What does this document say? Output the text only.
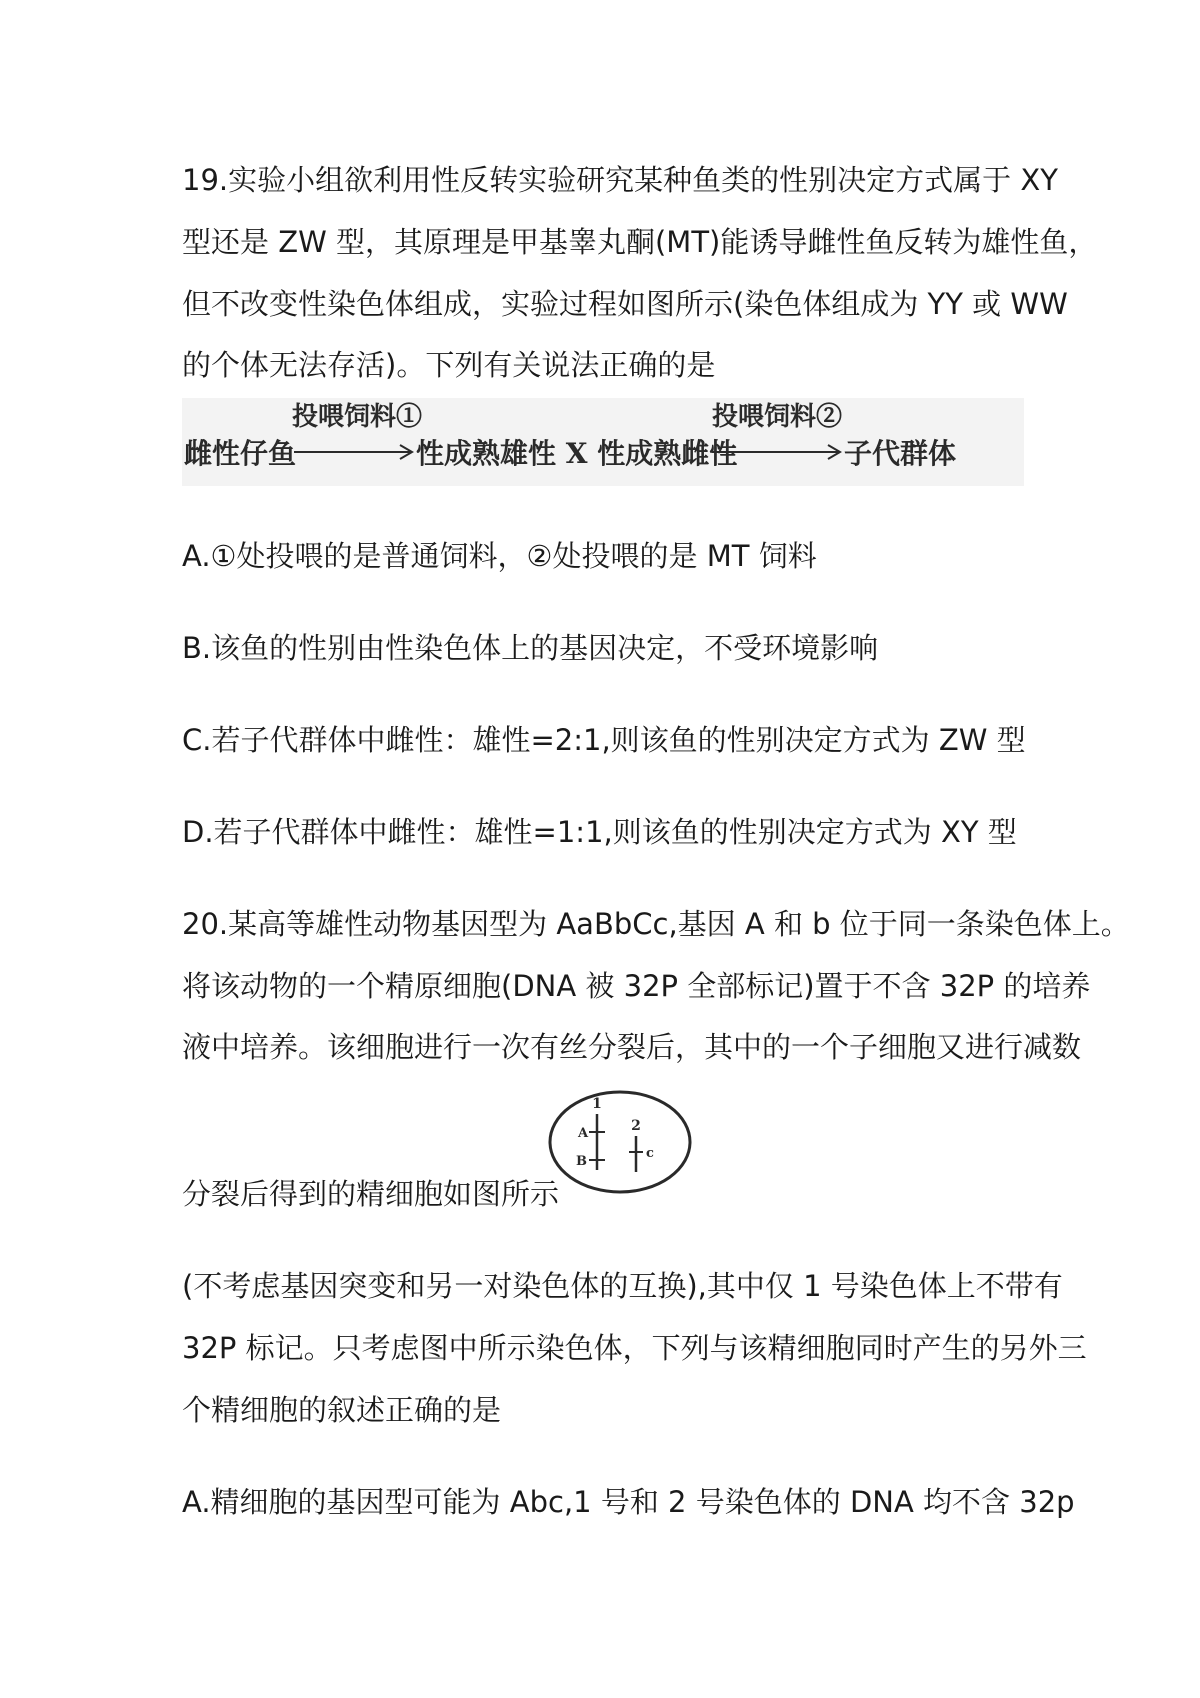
19.实验小组欲利用性反转实验研究某种鱼类的性别决定方式属于 XY
型还是 ZW 型，其原理是甲基睾丸酮(MT)能诱导雌性鱼反转为雄性鱼，
但不改变性染色体组成，实验过程如图所示(染色体组成为 YY 或 WW
的个体无法存活)。下列有关说法正确的是
雌性仔鱼
投喂饲料①
性成熟雄性 X 性成熟雌性
投喂饲料②
子代群体
A.①处投喂的是普通饲料，②处投喂的是 MT 饲料
B.该鱼的性别由性染色体上的基因决定，不受环境影响
C.若子代群体中雌性：雄性=2:1,则该鱼的性别决定方式为 ZW 型
D.若子代群体中雌性：雄性=1:1,则该鱼的性别决定方式为 XY 型
20.某高等雄性动物基因型为 AaBbCc,基因 A 和 b 位于同一条染色体上。
将该动物的一个精原细胞(DNA 被 32P 全部标记)置于不含 32P 的培养
液中培养。该细胞进行一次有丝分裂后，其中的一个子细胞又进行减数
1
A
B
2
c
分裂后得到的精细胞如图所示
(不考虑基因突变和另一对染色体的互换),其中仅 1 号染色体上不带有
32P 标记。只考虑图中所示染色体，下列与该精细胞同时产生的另外三
个精细胞的叙述正确的是
A.精细胞的基因型可能为 Abc,1 号和 2 号染色体的 DNA 均不含 32p
